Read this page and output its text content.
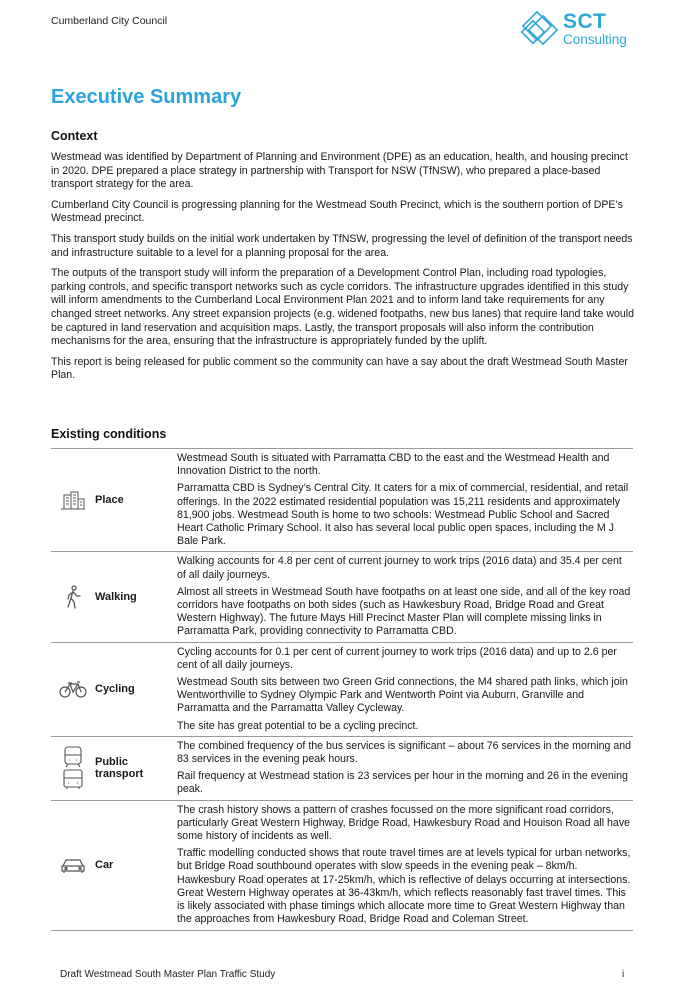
Cumberland City Council	SCT
Consulting
Executive Summary
Context

Westmead was identified by Department of Planning and Environment (DPE) as an education, health, and housing precinct in 2020. DPE prepared a place strategy in partnership with Transport for NSW (TfNSW), who prepared a place-based transport strategy for the area.

Cumberland City Council is progressing planning for the Westmead South Precinct, which is the southern portion of DPE’s Westmead precinct.

This transport study builds on the initial work undertaken by TfNSW, progressing the level of definition of the transport needs and infrastructure suitable to a level for a planning proposal for the area.

The outputs of the transport study will inform the preparation of a Development Control Plan, including road typologies, parking controls, and specific transport networks such as cycle corridors. The infrastructure upgrades identified in this study will inform amendments to the Cumberland Local Environment Plan 2021 and to inform land take requirements for any changed street networks. Any street expansion projects (e.g. widened footpaths, new bus lanes) that require land take would be captured in land reservation and acquisition maps. Lastly, the transport proposals will also inform the contribution mechanisms for the area, ensuring that the infrastructure is appropriately funded by the uplift.

This report is being released for public comment so the community can have a say about the draft Westmead South Master Plan.

Existing conditions
	Place	Westmead South is situated with Parramatta CBD to the east and the Westmead Health and Innovation District to the north.

Parramatta CBD is Sydney’s Central City. It caters for a mix of commercial, residential, and retail offerings. In the 2022 estimated residential population was 15,211 residents and approximately 81,900 jobs. Westmead South is home to two schools: Westmead Public School and Sacred Heart Catholic Primary School. It also has several local public open spaces, including the M J Bale Park.

	Walking	Walking accounts for 4.8 per cent of current journey to work trips (2016 data) and 35.4 per cent of all daily journeys.

Almost all streets in Westmead South have footpaths on at least one side, and all of the key road corridors have footpaths on both sides (such as Hawkesbury Road, Bridge Road and Great Western Highway). The future Mays Hill Precinct Master Plan will complete missing links in Parramatta Park, providing connectivity to Parramatta CBD.

	Cycling	Cycling accounts for 0.1 per cent of current journey to work trips (2016 data) and up to 2.6 per cent of all daily journeys.

Westmead South sits between two Green Grid connections, the M4 shared path links, which join Wentworthville to Sydney Olympic Park and Wentworth Point via Auburn, Granville and Parramatta and the Parramatta Valley Cycleway.

The site has great potential to be a cycling precinct.

	Public transport	The combined frequency of the bus services is significant – about 76 services in the morning and 83 services in the evening peak hours.

Rail frequency at Westmead station is 23 services per hour in the morning and 26 in the evening peak.

	Car	The crash history shows a pattern of crashes focussed on the more significant road corridors, particularly Great Western Highway, Bridge Road, Hawkesbury Road and Houison Road all have some history of incidents as well.

Traffic modelling conducted shows that route travel times are at levels typical for urban networks, but Bridge Road southbound operates with slow speeds in the evening peak – 8km/h. Hawkesbury Road operates at 17-25km/h, which is reflective of delays occurring at intersections. Great Western Highway operates at 36-43km/h, which reflects reasonably fast travel times. This is likely associated with phase timings which allocate more time to Great Western Highway than the approaches from Hawkesbury Road, Bridge Road and Coleman Street.

Draft Westmead South Master Plan Traffic Study	i
